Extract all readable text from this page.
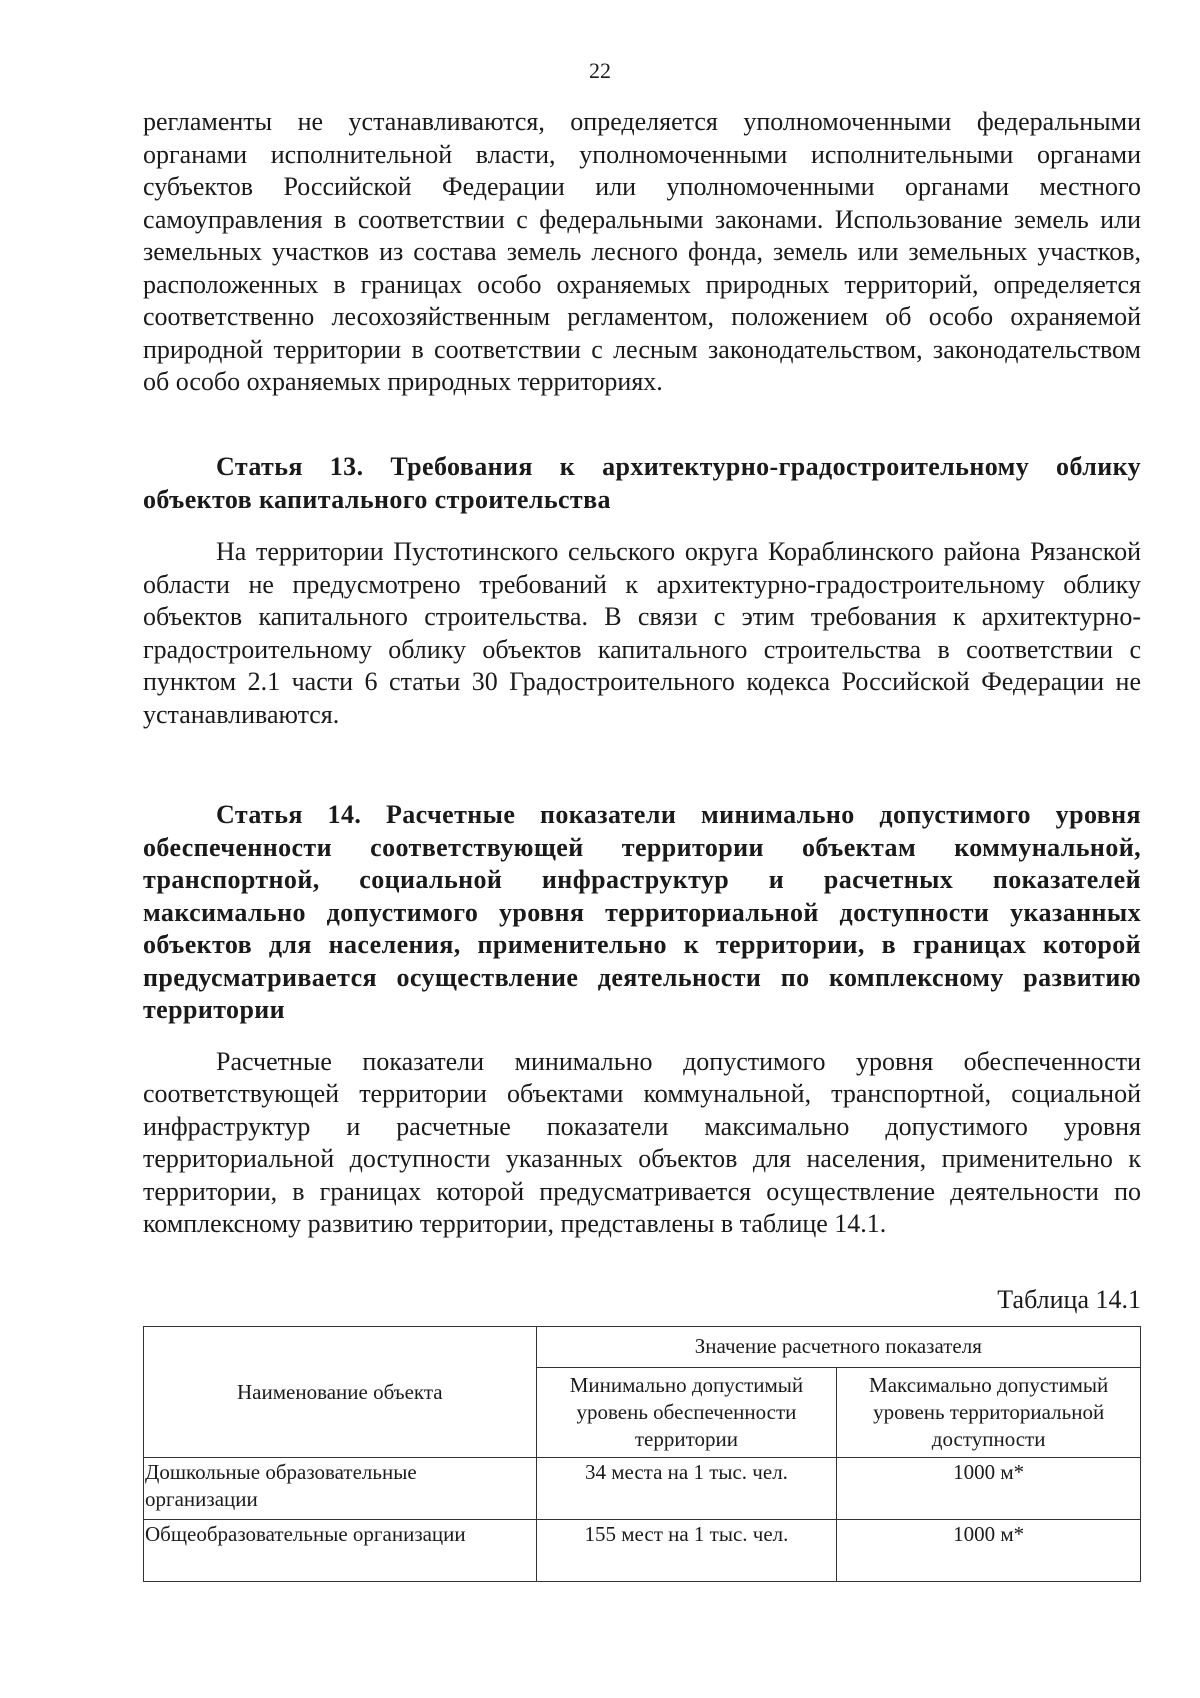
22

регламенты не устанавливаются, определяется уполномоченными федеральными органами исполнительной власти, уполномоченными исполнительными органами субъектов Российской Федерации или уполномоченными органами местного самоуправления в соответствии с федеральными законами. Использование земель или земельных участков из состава земель лесного фонда, земель или земельных участков, расположенных в границах особо охраняемых природных территорий, определяется соответственно лесохозяйственным регламентом, положением об особо охраняемой природной территории в соответствии с лесным законодательством, законодательством об особо охраняемых природных территориях.

Статья 13. Требования к архитектурно-градостроительному облику объектов капитального строительства

На территории Пустотинского сельского округа Кораблинского района Рязанской области не предусмотрено требований к архитектурно-градостроительному облику объектов капитального строительства. В связи с этим требования к архитектурно-градостроительному облику объектов капитального строительства в соответствии с пунктом 2.1 части 6 статьи 30 Градостроительного кодекса Российской Федерации не устанавливаются.

Статья 14. Расчетные показатели минимально допустимого уровня обеспеченности соответствующей территории объектам коммунальной, транспортной, социальной инфраструктур и расчетных показателей максимально допустимого уровня территориальной доступности указанных объектов для населения, применительно к территории, в границах которой предусматривается осуществление деятельности по комплексному развитию территории

Расчетные показатели минимально допустимого уровня обеспеченности соответствующей территории объектами коммунальной, транспортной, социальной инфраструктур и расчетные показатели максимально допустимого уровня территориальной доступности указанных объектов для населения, применительно к территории, в границах которой предусматривается осуществление деятельности по комплексному развитию территории, представлены в таблице 14.1.

Таблица 14.1
Наименование объекта	Значение расчетного показателя	
	Минимально допустимый уровень обеспеченности территории	Максимально допустимый уровень территориальной доступности
Дошкольные образовательные организации	34 места на 1 тыс. чел.	1000 м*
Общеобразовательные организации	155 мест на 1 тыс. чел.	1000 м*
